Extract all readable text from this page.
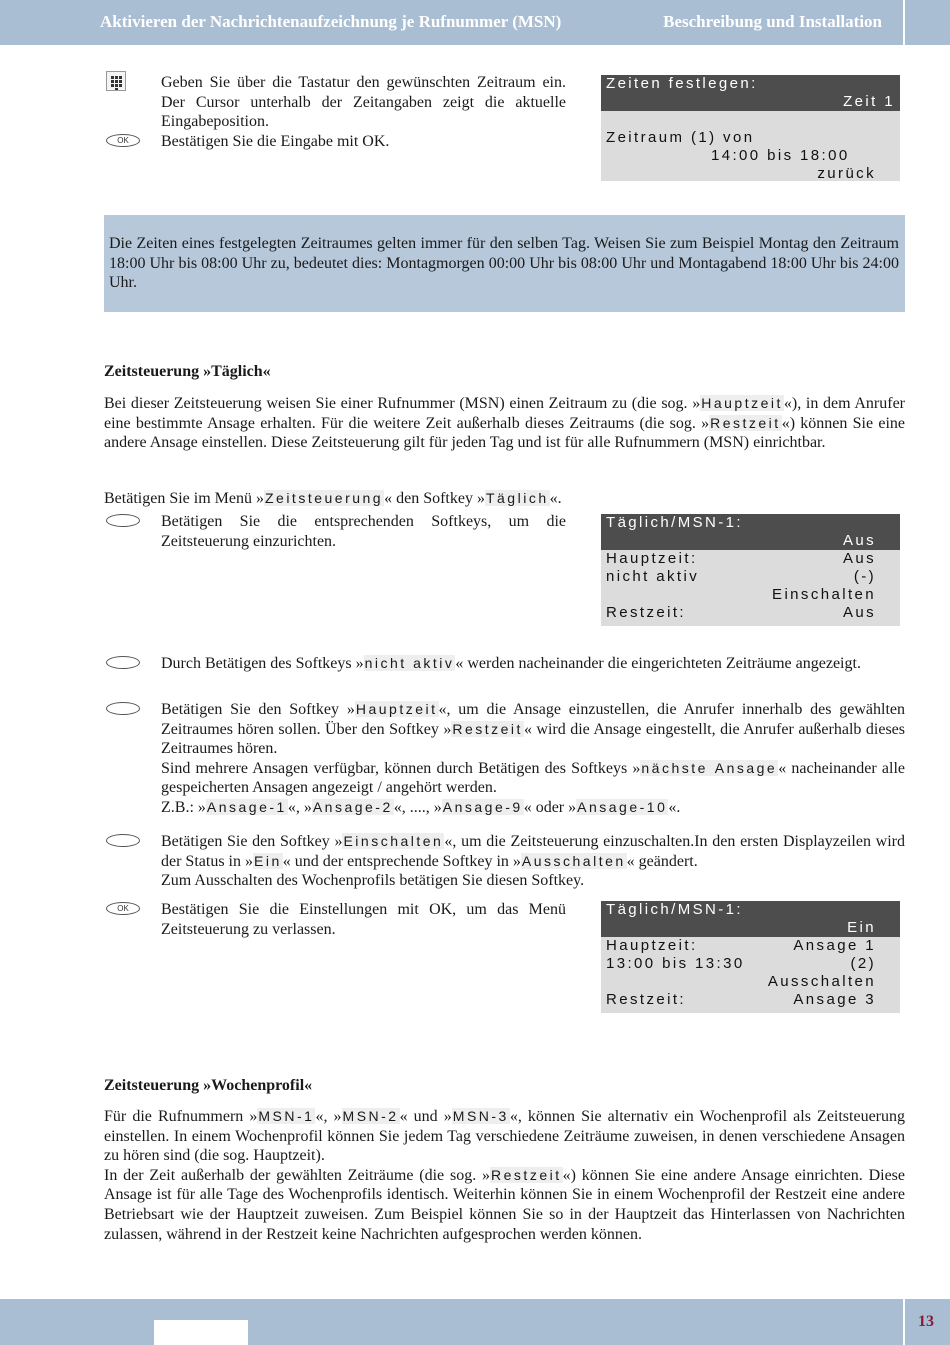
Aktivieren der Nachrichtenaufzeichnung je Rufnummer (MSN)	Beschreibung und Installation
OK

Geben Sie über die Tastatur den gewünschten Zeitraum ein. Der Cursor unterhalb der Zeitangaben zeigt die aktuelle Eingabeposition.

Bestätigen Sie die Eingabe mit OK.

Zeiten festlegen:
Zeit 1
Zeitraum (1) von
14:00 bis 18:00
zurück
Die Zeiten eines festgelegten Zeitraumes gelten immer für den selben Tag. Weisen Sie zum Beispiel Montag den Zeitraum 18:00 Uhr bis 08:00 Uhr zu, bedeutet dies: Montagmorgen 00:00 Uhr bis 08:00 Uhr und Montagabend 18:00 Uhr bis 24:00 Uhr.
Zeitsteuerung »Täglich«

Bei dieser Zeitsteuerung weisen Sie einer Rufnummer (MSN) einen Zeitraum zu (die sog. »Hauptzeit«), in dem Anrufer eine bestimmte Ansage erhalten. Für die weitere Zeit außerhalb dieses Zeitraums (die sog. »Restzeit«) können Sie eine andere Ansage einstellen. Diese Zeitsteuerung gilt für jeden Tag und ist für alle Rufnummern (MSN) einrichtbar.

Betätigen Sie im Menü »Zeitsteuerung« den Softkey »Täglich«.

Betätigen Sie die entsprechenden Softkeys, um die Zeitsteuerung einzurichten.
Täglich/MSN-1:
Aus
Hauptzeit:	Aus
nicht aktiv	(-)
Einschalten
Restzeit:	Aus

Durch Betätigen des Softkeys »nicht aktiv« werden nacheinander die eingerichteten Zeiträume angezeigt.

Betätigen Sie den Softkey »Hauptzeit«, um die Ansage einzustellen, die Anrufer innerhalb des gewählten Zeitraumes hören sollen. Über den Softkey »Restzeit« wird die Ansage eingestellt, die Anrufer außerhalb dieses Zeitraumes hören.

Sind mehrere Ansagen verfügbar, können durch Betätigen des Softkeys »nächste Ansage« nacheinander alle gespeicherten Ansagen angezeigt / angehört werden.

Z.B.: »Ansage-1«, »Ansage-2«, ...., »Ansage-9« oder »Ansage-10«.

Betätigen Sie den Softkey »Einschalten«, um die Zeitsteuerung einzuschalten.In den ersten Displayzeilen wird der Status in »Ein« und der entsprechende Softkey in »Ausschalten« geändert.

Zum Ausschalten des Wochenprofils betätigen Sie diesen Softkey.

OK	Bestätigen Sie die Einstellungen mit OK, um das Menü Zeitsteuerung zu verlassen.
Täglich/MSN-1:
Ein
Hauptzeit:	Ansage 1
13:00 bis 13:30	(2)
Ausschalten
Restzeit:	Ansage 3
Zeitsteuerung »Wochenprofil«

Für die Rufnummern »MSN-1«, »MSN-2« und »MSN-3«, können Sie alternativ ein Wochenprofil als Zeitsteuerung einstellen. In einem Wochenprofil können Sie jedem Tag verschiedene Zeiträume zuweisen, in denen verschiedene Ansagen zu hören sind (die sog. Hauptzeit).

In der Zeit außerhalb der gewählten Zeiträume (die sog. »Restzeit«) können Sie eine andere Ansage einrichten. Diese Ansage ist für alle Tage des Wochenprofils identisch. Weiterhin können Sie in einem Wochenprofil der Restzeit eine andere Betriebsart wie der Hauptzeit zuweisen. Zum Beispiel können Sie so in der Hauptzeit das Hinterlassen von Nachrichten zulassen, während in der Restzeit keine Nachrichten aufgesprochen werden können.

13
